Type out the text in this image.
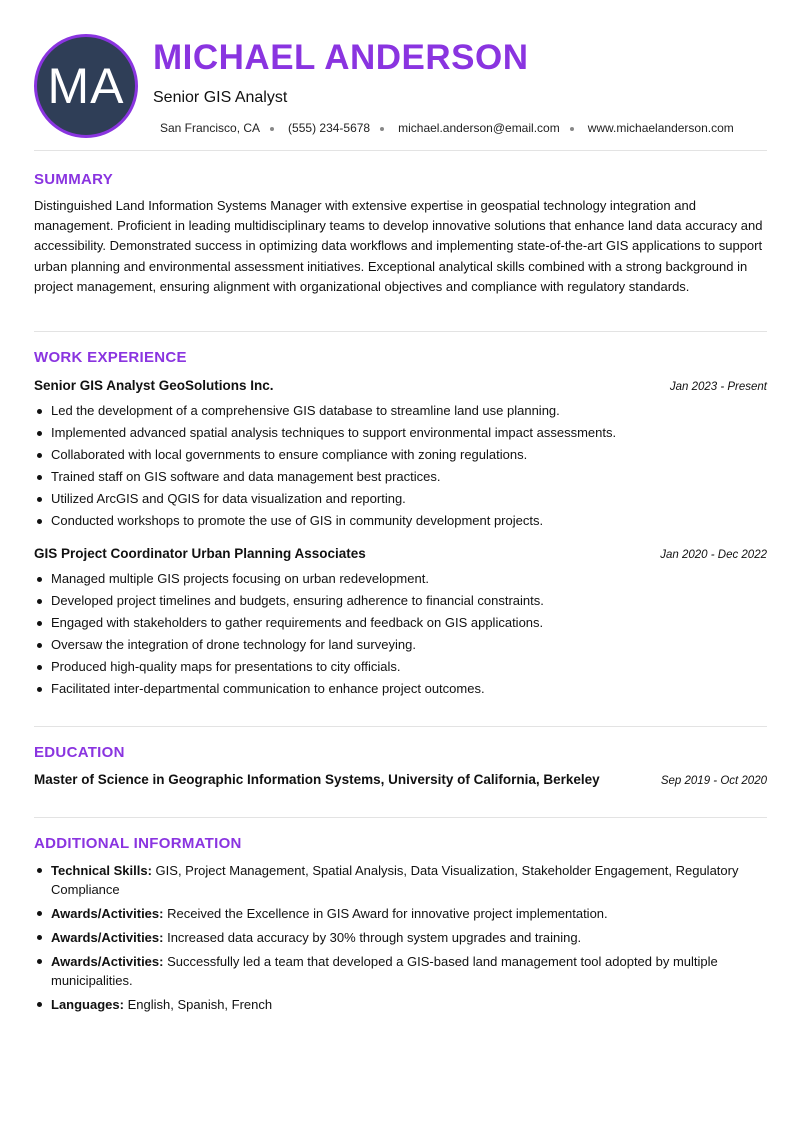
MA
MICHAEL ANDERSON
Senior GIS Analyst
San Francisco, CA (555) 234-5678 michael.anderson@email.com www.michaelanderson.com
SUMMARY

Distinguished Land Information Systems Manager with extensive expertise in geospatial technology integration and management. Proficient in leading multidisciplinary teams to develop innovative solutions that enhance land data accuracy and accessibility. Demonstrated success in optimizing data workflows and implementing state-of-the-art GIS applications to support urban planning and environmental assessment initiatives. Exceptional analytical skills combined with a strong background in project management, ensuring alignment with organizational objectives and compliance with regulatory standards.

WORK EXPERIENCE
Senior GIS Analyst GeoSolutions Inc.	Jan 2023 - Present
Led the development of a comprehensive GIS database to streamline land use planning.
Implemented advanced spatial analysis techniques to support environmental impact assessments.
Collaborated with local governments to ensure compliance with zoning regulations.
Trained staff on GIS software and data management best practices.
Utilized ArcGIS and QGIS for data visualization and reporting.
Conducted workshops to promote the use of GIS in community development projects.
GIS Project Coordinator Urban Planning Associates	Jan 2020 - Dec 2022
Managed multiple GIS projects focusing on urban redevelopment.
Developed project timelines and budgets, ensuring adherence to financial constraints.
Engaged with stakeholders to gather requirements and feedback on GIS applications.
Oversaw the integration of drone technology for land surveying.
Produced high-quality maps for presentations to city officials.
Facilitated inter-departmental communication to enhance project outcomes.
EDUCATION
Master of Science in Geographic Information Systems, University of California, Berkeley	Sep 2019 - Oct 2020
ADDITIONAL INFORMATION
Technical Skills: GIS, Project Management, Spatial Analysis, Data Visualization, Stakeholder Engagement, Regulatory Compliance
Awards/Activities: Received the Excellence in GIS Award for innovative project implementation.
Awards/Activities: Increased data accuracy by 30% through system upgrades and training.
Awards/Activities: Successfully led a team that developed a GIS-based land management tool adopted by multiple municipalities.
Languages: English, Spanish, French
